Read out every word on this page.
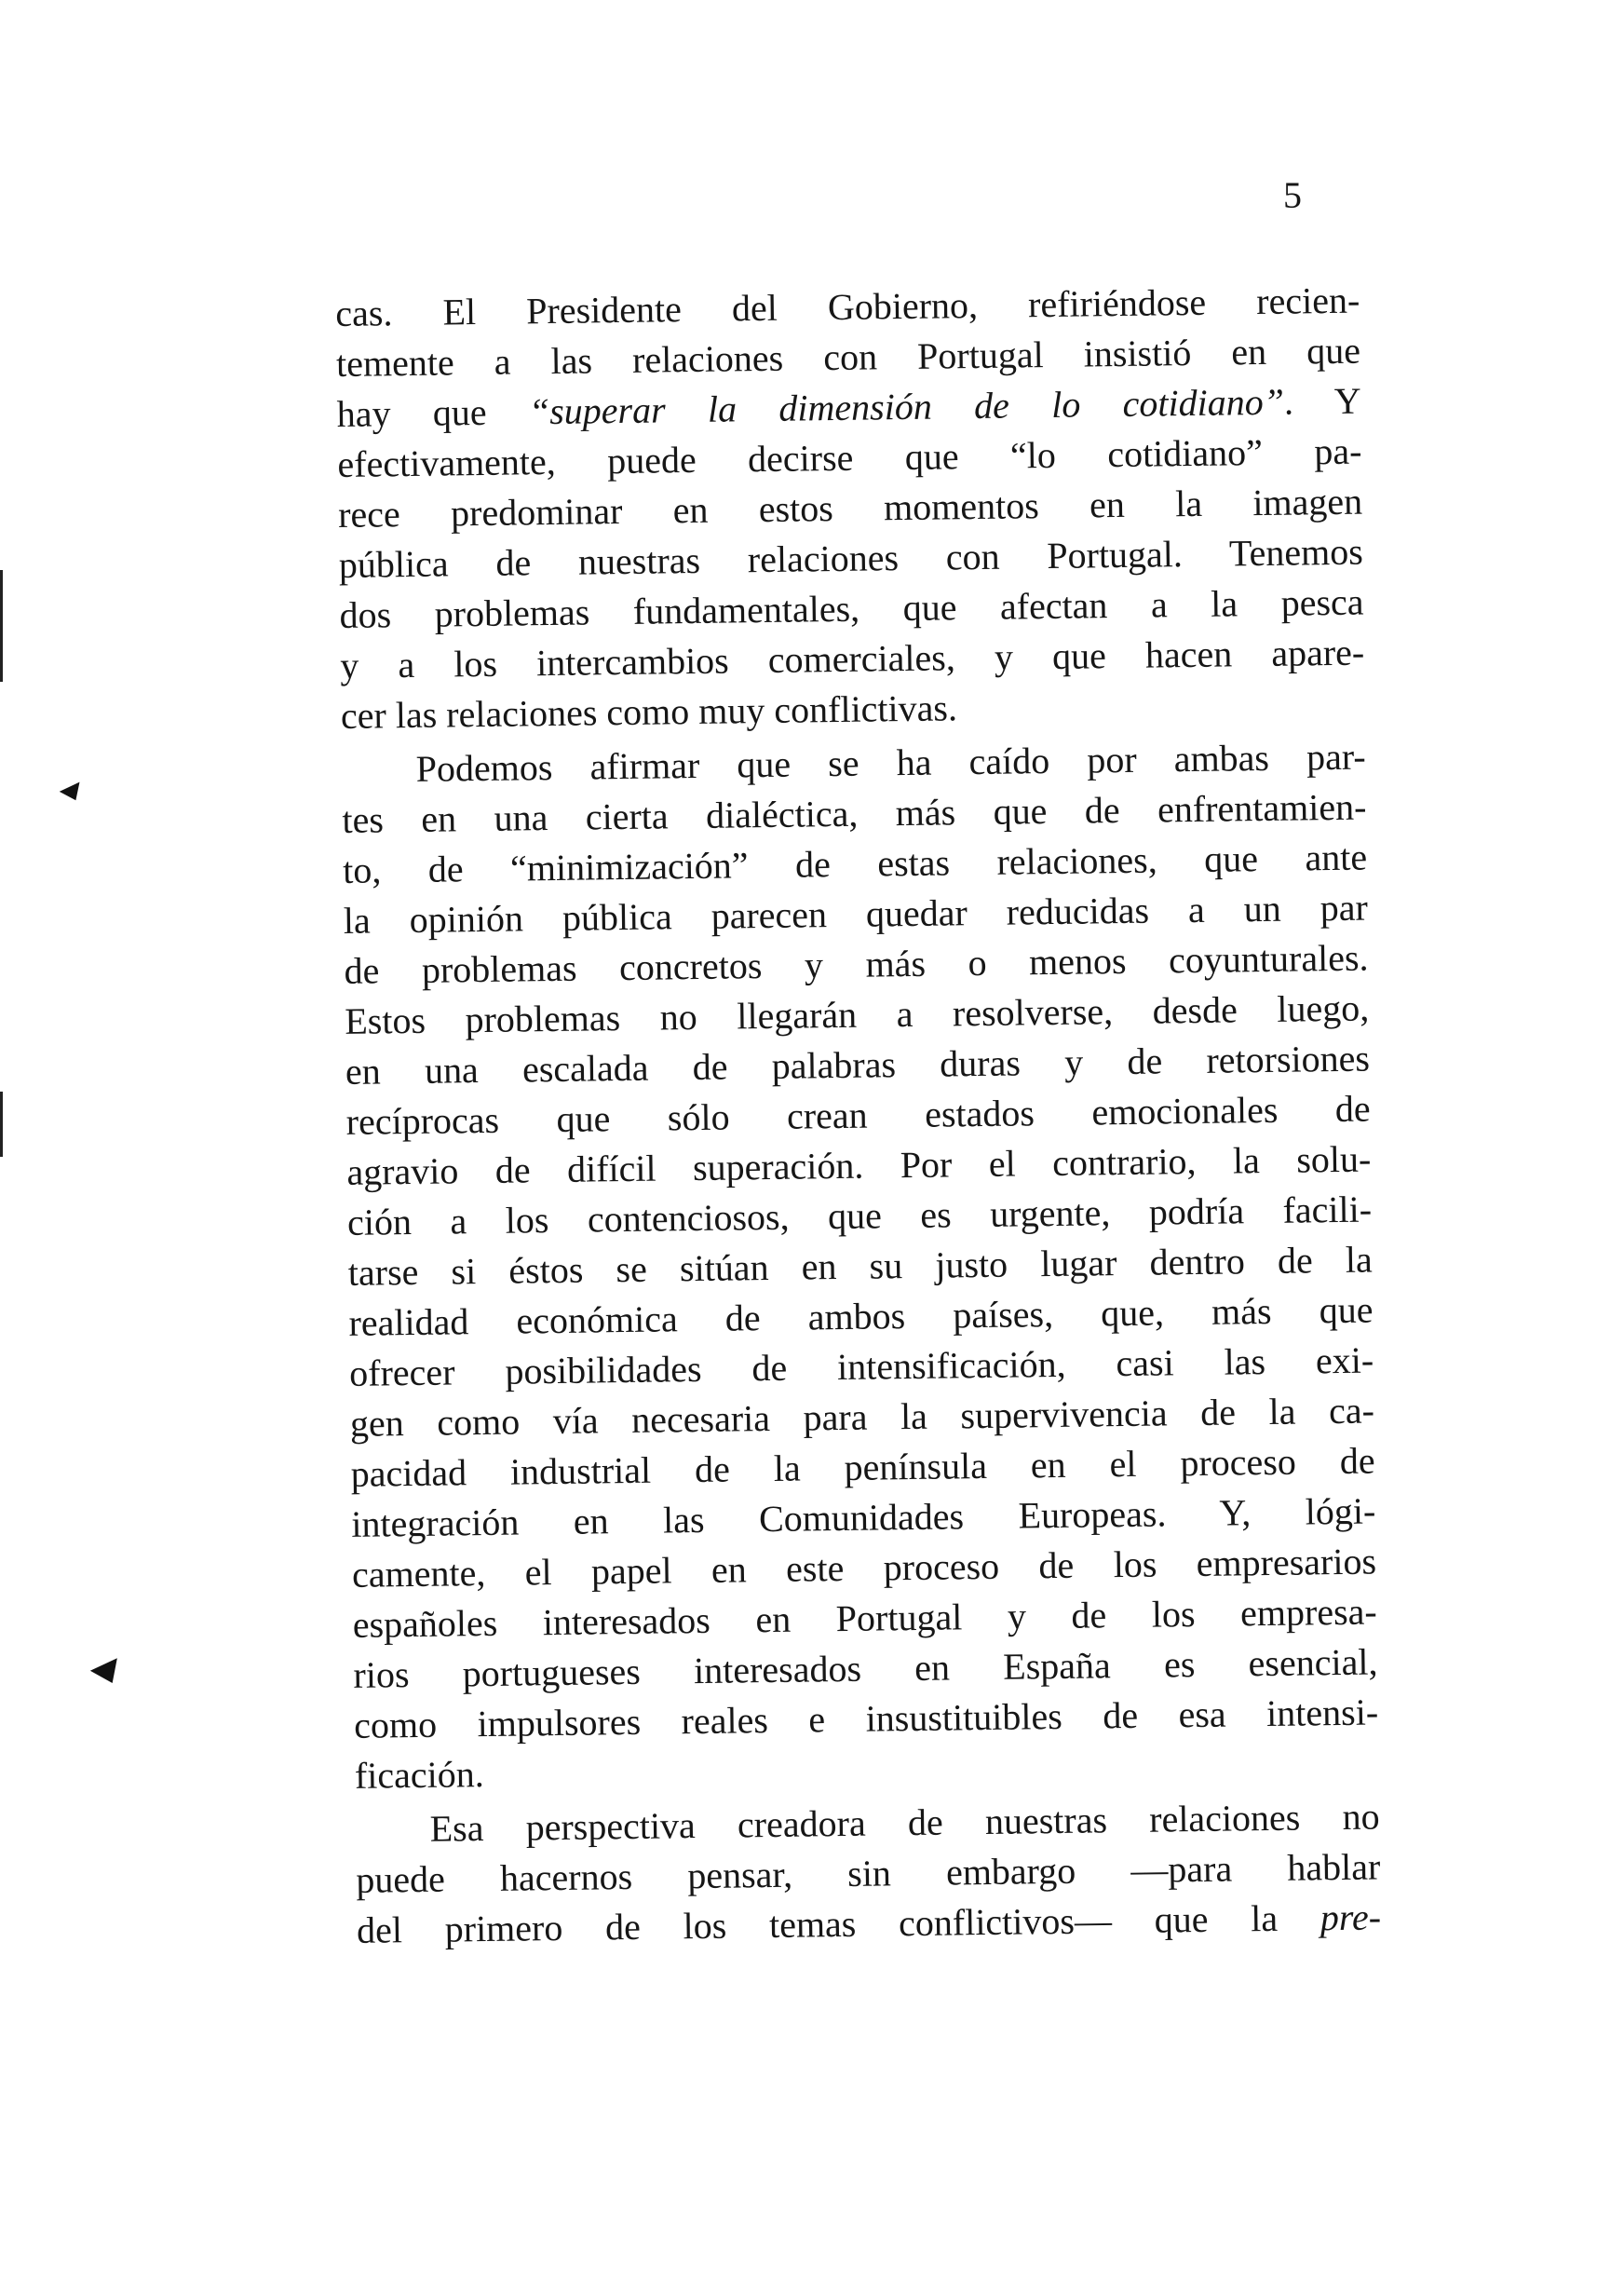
5

cas. El Presidente del Gobierno, refiriéndose recien-

temente a las relaciones con Portugal insistió en que

hay que “superar la dimensión de lo cotidiano”. Y

efectivamente, puede decirse que “lo cotidiano” pa-

rece predominar en estos momentos en la imagen

pública de nuestras relaciones con Portugal. Tenemos

dos problemas fundamentales, que afectan a la pesca

y a los intercambios comerciales, y que hacen apare-

cer las relaciones como muy conflictivas.

Podemos afirmar que se ha caído por ambas par-

tes en una cierta dialéctica, más que de enfrentamien-

to, de “minimización” de estas relaciones, que ante

la opinión pública parecen quedar reducidas a un par

de problemas concretos y más o menos coyunturales.

Estos problemas no llegarán a resolverse, desde luego,

en una escalada de palabras duras y de retorsiones

recíprocas que sólo crean estados emocionales de

agravio de difícil superación. Por el contrario, la solu-

ción a los contenciosos, que es urgente, podría facili-

tarse si éstos se sitúan en su justo lugar dentro de la

realidad económica de ambos países, que, más que

ofrecer posibilidades de intensificación, casi las exi-

gen como vía necesaria para la supervivencia de la ca-

pacidad industrial de la península en el proceso de

integración en las Comunidades Europeas. Y, lógi-

camente, el papel en este proceso de los empresarios

españoles interesados en Portugal y de los empresa-

rios portugueses interesados en España es esencial,

como impulsores reales e insustituibles de esa intensi-

ficación.

Esa perspectiva creadora de nuestras relaciones no

puede hacernos pensar, sin embargo —para hablar

del primero de los temas conflictivos— que la pre-
